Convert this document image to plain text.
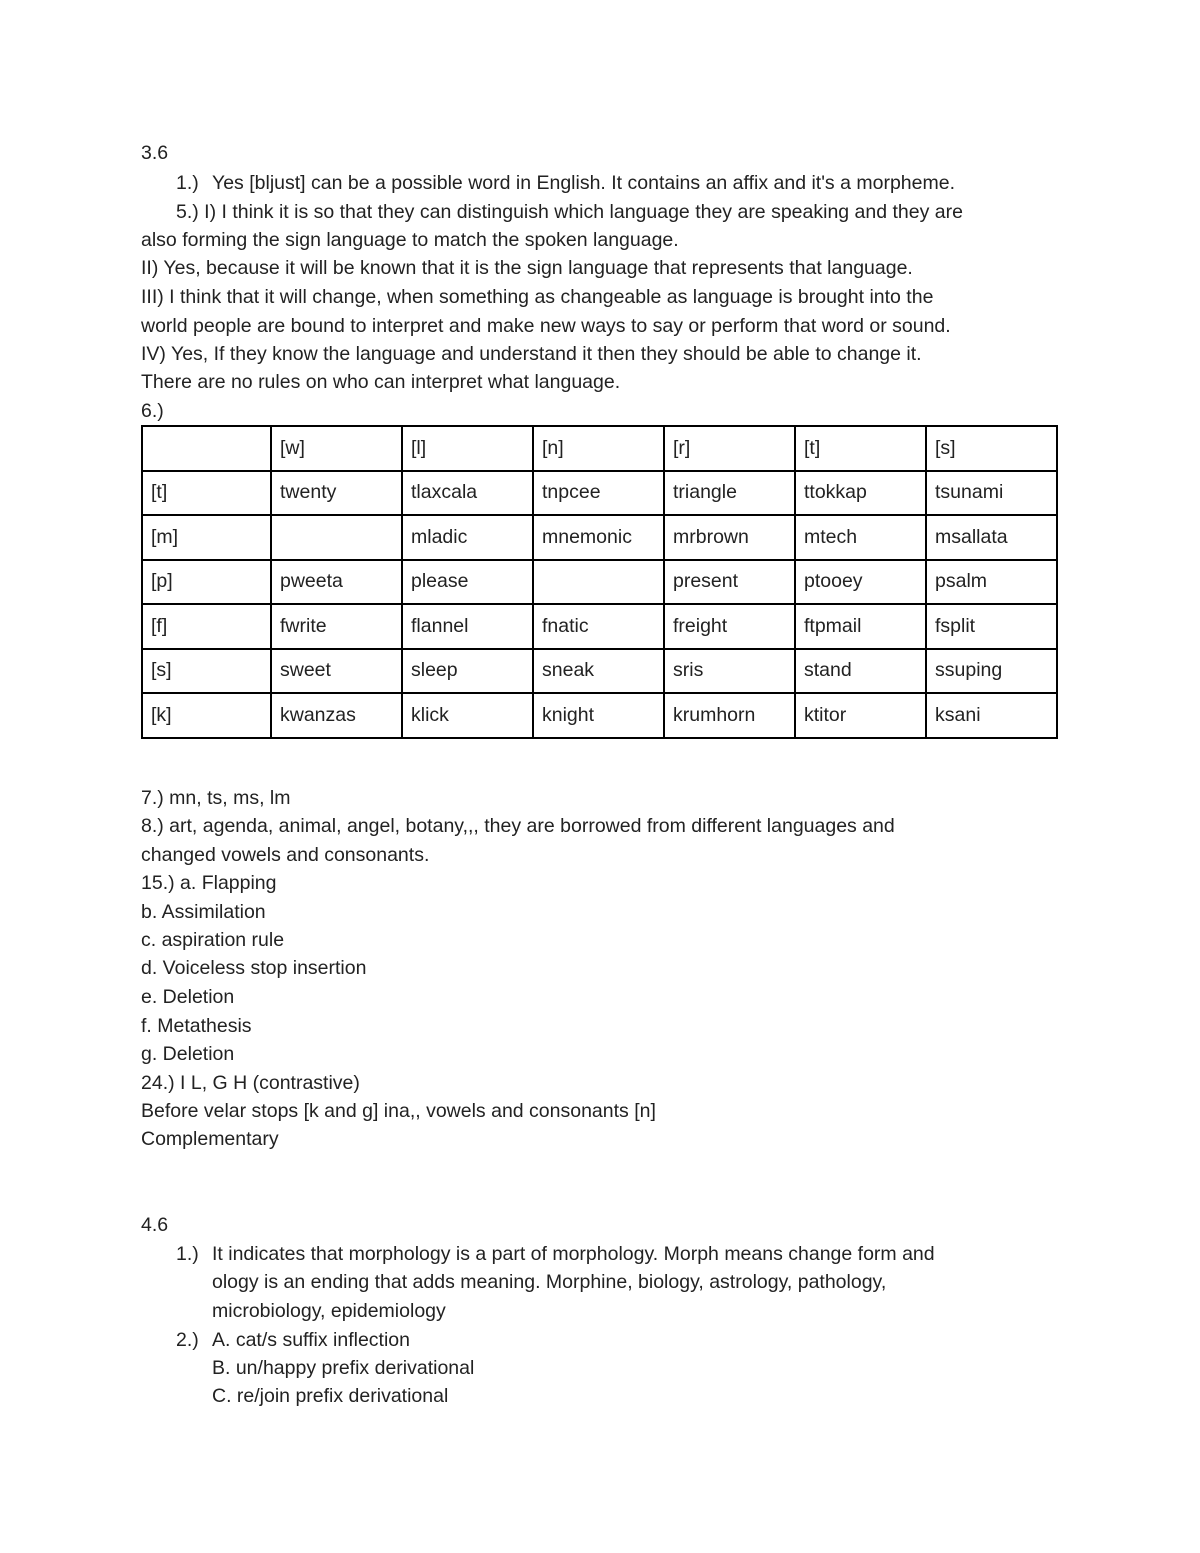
3.6
1.) Yes [bljust] can be a possible word in English. It contains an affix and it's a morpheme.
5.) I) I think it is so that they can distinguish which language they are speaking and they are
also forming the sign language to match the spoken language.
II) Yes, because it will be known that it is the sign language that represents that language.
III) I think that it will change, when something as changeable as language is brought into the
world people are bound to interpret and make new ways to say or perform that word or sound.
IV) Yes, If they know the language and understand it then they should be able to change it.
There are no rules on who can interpret what language.
6.)
	[w]	[l]	[n]	[r]	[t]	[s]
[t]	twenty	tlaxcala	tnpcee	triangle	ttokkap	tsunami
[m]		mladic	mnemonic	mrbrown	mtech	msallata
[p]	pweeta	please		present	ptooey	psalm
[f]	fwrite	flannel	fnatic	freight	ftpmail	fsplit
[s]	sweet	sleep	sneak	sris	stand	ssuping
[k]	kwanzas	klick	knight	krumhorn	ktitor	ksani
7.) mn, ts, ms, lm
8.) art, agenda, animal, angel, botany,,, they are borrowed from different languages and
changed vowels and consonants.
15.) a. Flapping
b. Assimilation
c. aspiration rule
d. Voiceless stop insertion
e. Deletion
f. Metathesis
g. Deletion
24.) I L, G H (contrastive)
Before velar stops [k and g] ina,, vowels and consonants [n]
Complementary
4.6
1.) It indicates that morphology is a part of morphology. Morph means change form and
ology is an ending that adds meaning. Morphine, biology, astrology, pathology,
microbiology, epidemiology
2.) A. cat/s suffix inflection
B. un/happy prefix derivational
C. re/join prefix derivational
